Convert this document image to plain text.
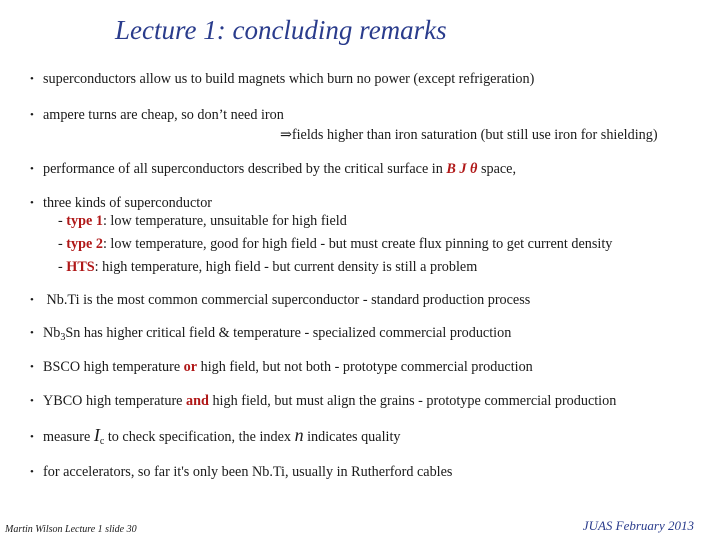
Lecture 1: concluding remarks
• superconductors allow us to build magnets which burn no power (except refrigeration)
• ampere turns are cheap, so don’t need iron
⇒fields higher than iron saturation (but still use iron for shielding)
• performance of all superconductors described by the critical surface in B J θ space,
• three kinds of superconductor
- type 1: low temperature, unsuitable for high field
- type 2: low temperature, good for high field - but must create flux pinning to get current density
- HTS: high temperature, high field - but current density is still a problem
• Nb.Ti is the most common commercial superconductor - standard production process
• $Nb_3Sn$ has higher critical field & temperature - specialized commercial production
• BSCO high temperature or high field, but not both - prototype commercial production
• YBCO high temperature and high field, but must align the grains - prototype commercial production
• measure $I_c$ to check specification, the index n indicates quality
• for accelerators, so far it's only been Nb.Ti, usually in Rutherford cables
Martin Wilson Lecture 1 slide 30	JUAS February 2013
